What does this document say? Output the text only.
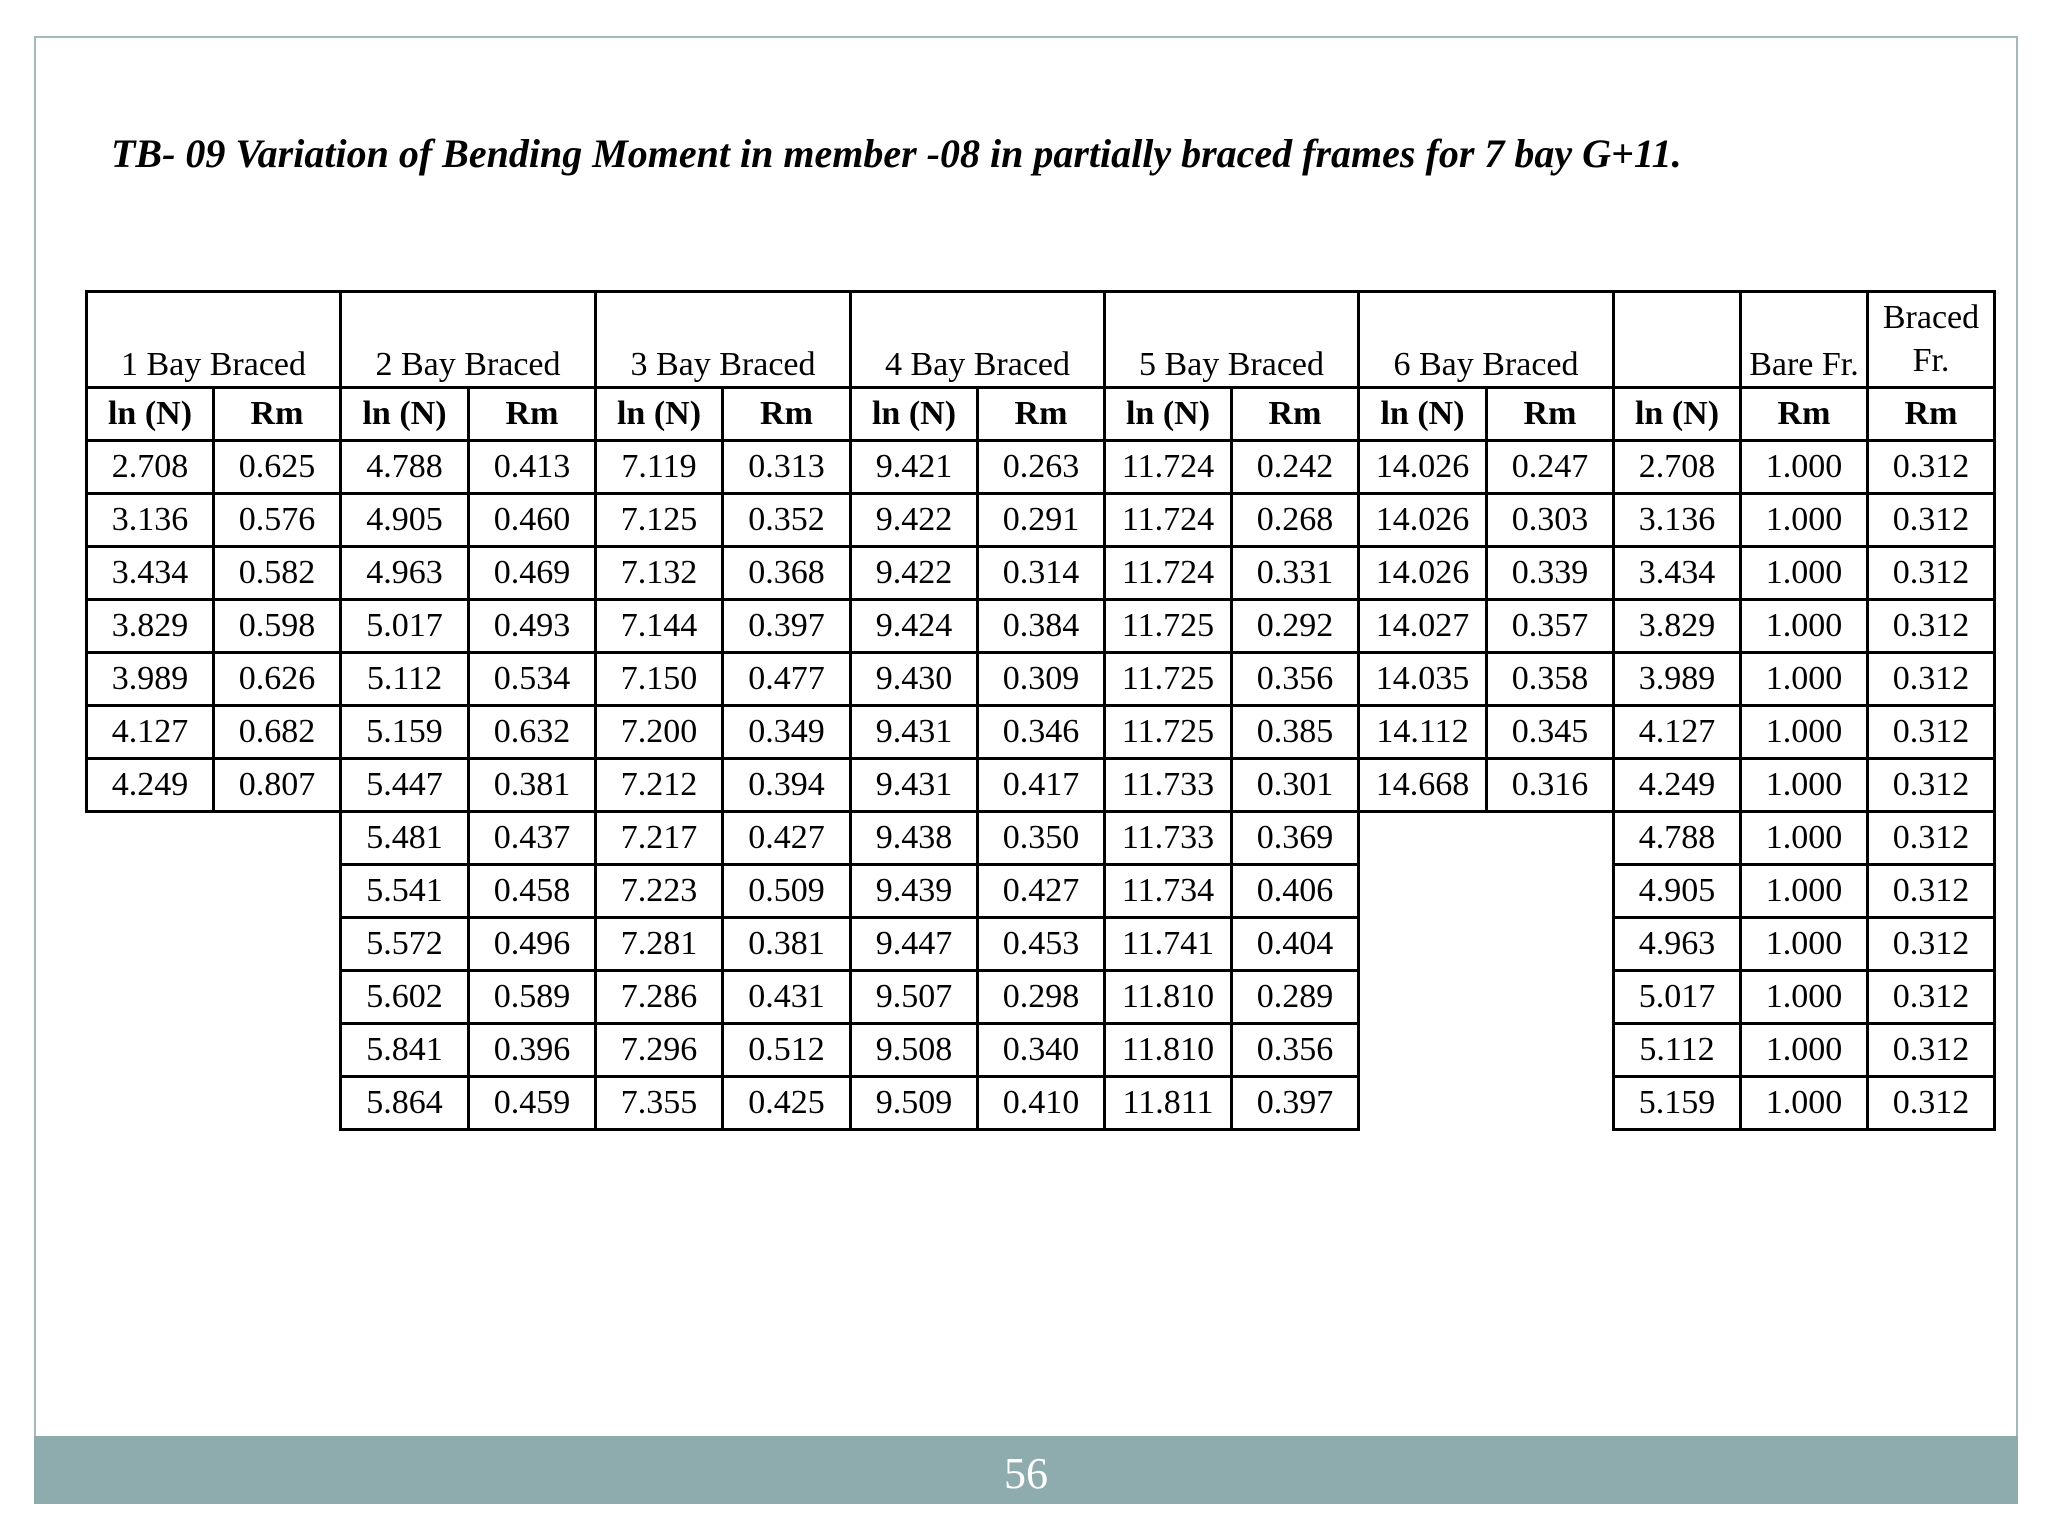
TB- 09 Variation of Bending Moment in member -08 in partially braced frames for 7 bay G+11.
1 Bay Braced		2 Bay Braced		3 Bay Braced		4 Bay Braced		5 Bay Braced		6 Bay Braced			Bare Fr.	Braced
Fr.
ln (N)	Rm	ln (N)	Rm	ln (N)	Rm	ln (N)	Rm	ln (N)	Rm	ln (N)	Rm	ln (N)	Rm	Rm
2.708	0.625	4.788	0.413	7.119	0.313	9.421	0.263	11.724	0.242	14.026	0.247	2.708	1.000	0.312
3.136	0.576	4.905	0.460	7.125	0.352	9.422	0.291	11.724	0.268	14.026	0.303	3.136	1.000	0.312
3.434	0.582	4.963	0.469	7.132	0.368	9.422	0.314	11.724	0.331	14.026	0.339	3.434	1.000	0.312
3.829	0.598	5.017	0.493	7.144	0.397	9.424	0.384	11.725	0.292	14.027	0.357	3.829	1.000	0.312
3.989	0.626	5.112	0.534	7.150	0.477	9.430	0.309	11.725	0.356	14.035	0.358	3.989	1.000	0.312
4.127	0.682	5.159	0.632	7.200	0.349	9.431	0.346	11.725	0.385	14.112	0.345	4.127	1.000	0.312
4.249	0.807	5.447	0.381	7.212	0.394	9.431	0.417	11.733	0.301	14.668	0.316	4.249	1.000	0.312
		5.481	0.437	7.217	0.427	9.438	0.350	11.733	0.369			4.788	1.000	0.312
		5.541	0.458	7.223	0.509	9.439	0.427	11.734	0.406			4.905	1.000	0.312
		5.572	0.496	7.281	0.381	9.447	0.453	11.741	0.404			4.963	1.000	0.312
		5.602	0.589	7.286	0.431	9.507	0.298	11.810	0.289			5.017	1.000	0.312
		5.841	0.396	7.296	0.512	9.508	0.340	11.810	0.356			5.112	1.000	0.312
		5.864	0.459	7.355	0.425	9.509	0.410	11.811	0.397			5.159	1.000	0.312
56
